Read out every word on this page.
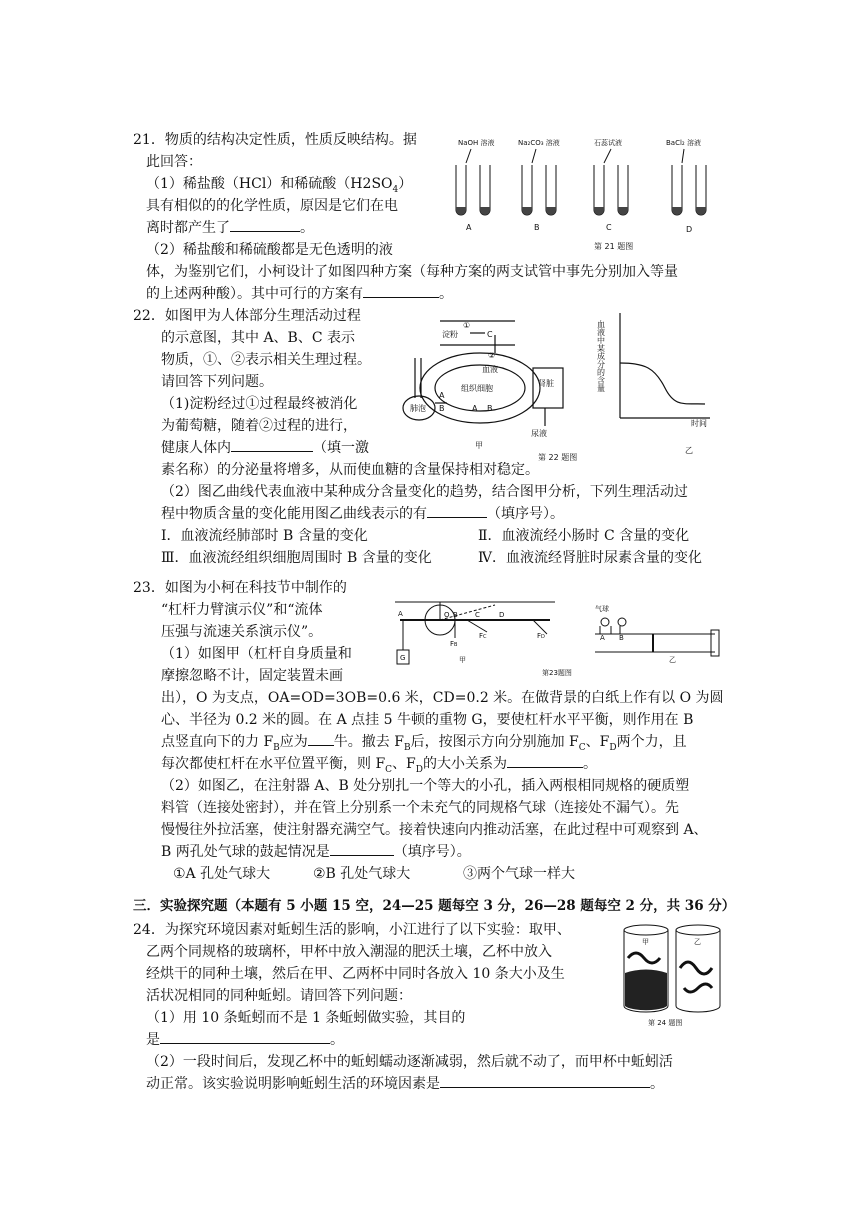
21．物质的结构决定性质，性质反映结构。据
此回答：
（1）稀盐酸（HCl）和稀硫酸$(H2SO_4)$
具有相似的的化学性质，原因是它们在电
离时都产生了	。
（2）稀盐酸和稀硫酸都是无色透明的液
体，为鉴别它们，小柯设计了如图四种方案（每种方案的两支试管中事先分别加入等量
的上述两种酸）。其中可行的方案有	。
NaOH 溶液	Na₂CO₃ 溶液	石蕊试液	BaCl₂ 溶液
A	B	C	D
第 21 题图
22．如图甲为人体部分生理活动过程
的示意图，其中 A、B、C 表示
物质，①、②表示相关生理过程。
请回答下列问题。
（1)淀粉经过①过程最终被消化
为葡萄糖，随着②过程的进行，
健康人体内	（填一激
素名称）的分泌量将增多，从而使血糖的含量保持相对稳定。
（2）图乙曲线代表血液中某种成分含量变化的趋势，结合图甲分析，下列生理活动过
程中物质含量的变化能用图乙曲线表示的有	（填序号）。
Ⅰ．血液流经肺部时 B 含量的变化	Ⅱ．血液流经小肠时 C 含量的变化
Ⅲ．血液流经组织细胞周围时 B 含量的变化	Ⅳ．血液流经肾脏时尿素含量的变化
淀粉	C
①
②
血液
组织细胞
肾脏
肺泡
尿液
A
B	A B
甲
乙
时间
第 22 题图
血液中某成分的含量
23．如图为小柯在科技节中制作的
“杠杆力臂演示仪”和“流体
压强与流速关系演示仪”。
（1）如图甲（杠杆自身质量和
摩擦忽略不计，固定装置未画
出），O 为支点，OA=OD=3OB=0.6 米，CD=0.2 米。在做背景的白纸上作有以 O 为圆
心、半径为 0.2 米的圆。在 A 点挂 5 牛顿的重物 G，要使杠杆水平平衡，则作用在 B
点竖直向下的力 $F_B$应为 牛。撤去 $F_B$后，按图示方向分别施加 $F_C$、$F_D$两个力，且
每次都使杠杆在水平位置平衡，则 $F_C$、$F_D$的大小关系为	。
（2）如图乙，在注射器 A、B 处分别扎一个等大的小孔，插入两根相同规格的硬质塑
料管（连接处密封），并在管上分别系一个未充气的同规格气球（连接处不漏气）。先
慢慢往外拉活塞，使注射器充满空气。接着快速向内推动活塞，在此过程中可观察到 A、
B 两孔处气球的鼓起情况是	（填序号）。
①A 孔处气球大	②B 孔处气球大	③两个气球一样大
A	O B C	D
G
FC	FD
FB
甲	乙
气球
A B
第23题图
三．实验探究题（本题有 5 小题 15 空，24—25 题每空 3 分，26—28 题每空 2 分，共 36 分）
24．为探究环境因素对蚯蚓生活的影响，小江进行了以下实验：取甲、
乙两个同规格的玻璃杯，甲杯中放入潮湿的肥沃土壤，乙杯中放入
经烘干的同种土壤，然后在甲、乙两杯中同时各放入 10 条大小及生
活状况相同的同种蚯蚓。请回答下列问题：
（1）用 10 条蚯蚓而不是 1 条蚯蚓做实验，其目的
是	。
（2）一段时间后，发现乙杯中的蚯蚓蠕动逐渐减弱，然后就不动了，而甲杯中蚯蚓活
动正常。该实验说明影响蚯蚓生活的环境因素是	。
甲	乙
第 24 题图
